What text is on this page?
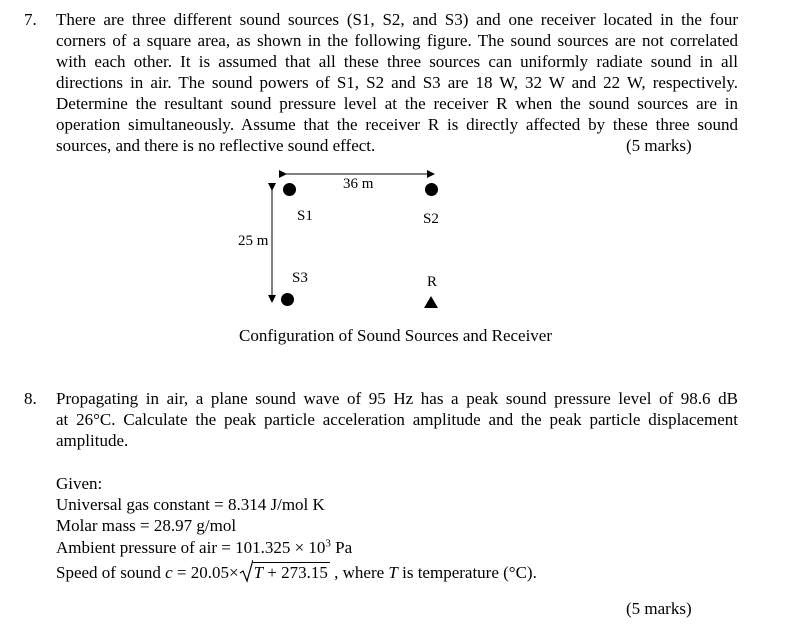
7. There are three different sound sources (S1, S2, and S3) and one receiver located in the four
corners of a square area, as shown in the following figure. The sound sources are not correlated
with each other. It is assumed that all these three sources can uniformly radiate sound in all
directions in air. The sound powers of S1, S2 and S3 are 18 W, 32 W and 22 W, respectively.
Determine the resultant sound pressure level at the receiver R when the sound sources are in
operation simultaneously. Assume that the receiver R is directly affected by these three sound
sources, and there is no reflective sound effect.	(5 marks)
36 m
25 m
S1	S2
S3	R
Configuration of Sound Sources and Receiver
8. Propagating in air, a plane sound wave of 95 Hz has a peak sound pressure level of 98.6 dB
at 26°C. Calculate the peak particle acceleration amplitude and the peak particle displacement
amplitude.
Given:
Universal gas constant = 8.314 J/mol K
Molar mass = 28.97 g/mol
Ambient pressure of air = $101.325 \times 10^3$ Pa
Speed of sound c = 20.05× T + 273.15 , where T is temperature (°C).
(5 marks)
